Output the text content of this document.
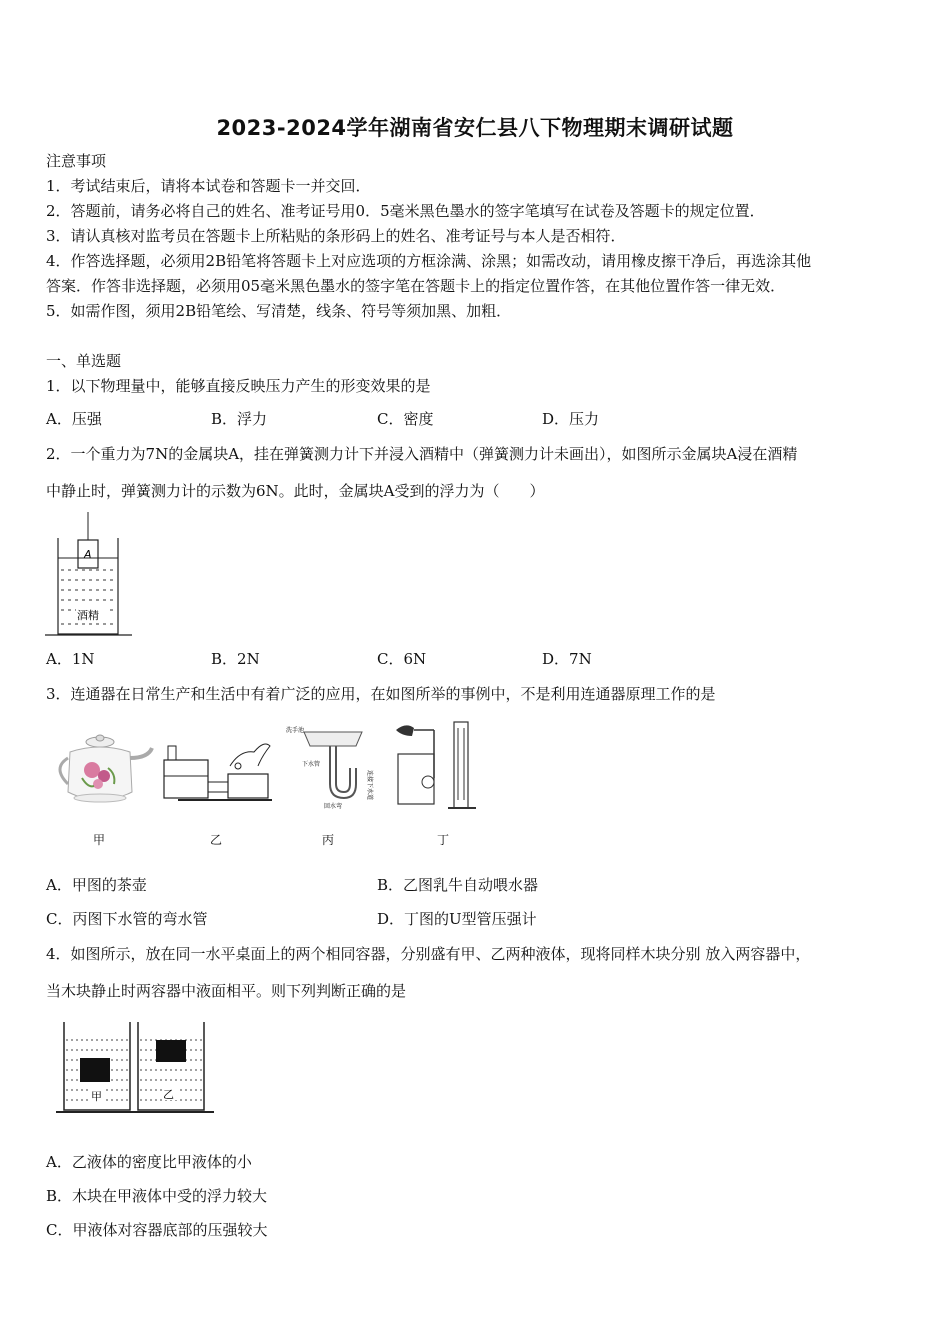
2023-2024学年湖南省安仁县八下物理期末调研试题
注意事项
1．考试结束后，请将本试卷和答题卡一并交回．
2．答题前，请务必将自己的姓名、准考证号用0．5毫米黑色墨水的签字笔填写在试卷及答题卡的规定位置．
3．请认真核对监考员在答题卡上所粘贴的条形码上的姓名、准考证号与本人是否相符．
4．作答选择题，必须用2B铅笔将答题卡上对应选项的方框涂满、涂黑；如需改动，请用橡皮擦干净后，再选涂其他
答案．作答非选择题，必须用05毫米黑色墨水的签字笔在答题卡上的指定位置作答，在其他位置作答一律无效．
5．如需作图，须用2B铅笔绘、写清楚，线条、符号等须加黑、加粗．
一、单选题
1．以下物理量中，能够直接反映压力产生的形变效果的是
A．压强	B．浮力	C．密度	D．压力
2．一个重力为7N的金属块A，挂在弹簧测力计下并浸入酒精中（弹簧测力计未画出），如图所示金属块A浸在酒精
中静止时，弹簧测力计的示数为6N。此时，金属块A受到的浮力为（　　）
A
酒精
A．1N	B．2N	C．6N	D．7N
3．连通器在日常生产和生活中有着广泛的应用，在如图所举的事例中，不是利用连通器原理工作的是
洗手池
下水管
回水弯
连接下水道
甲	乙	丙	丁
A．甲图的茶壶	B．乙图乳牛自动喂水器
C．丙图下水管的弯水管	D．丁图的U型管压强计
4．如图所示，放在同一水平桌面上的两个相同容器，分别盛有甲、乙两种液体，现将同样木块分别 放入两容器中，
当木块静止时两容器中液面相平。则下列判断正确的是
甲	乙
A．乙液体的密度比甲液体的小
B．木块在甲液体中受的浮力较大
C．甲液体对容器底部的压强较大
